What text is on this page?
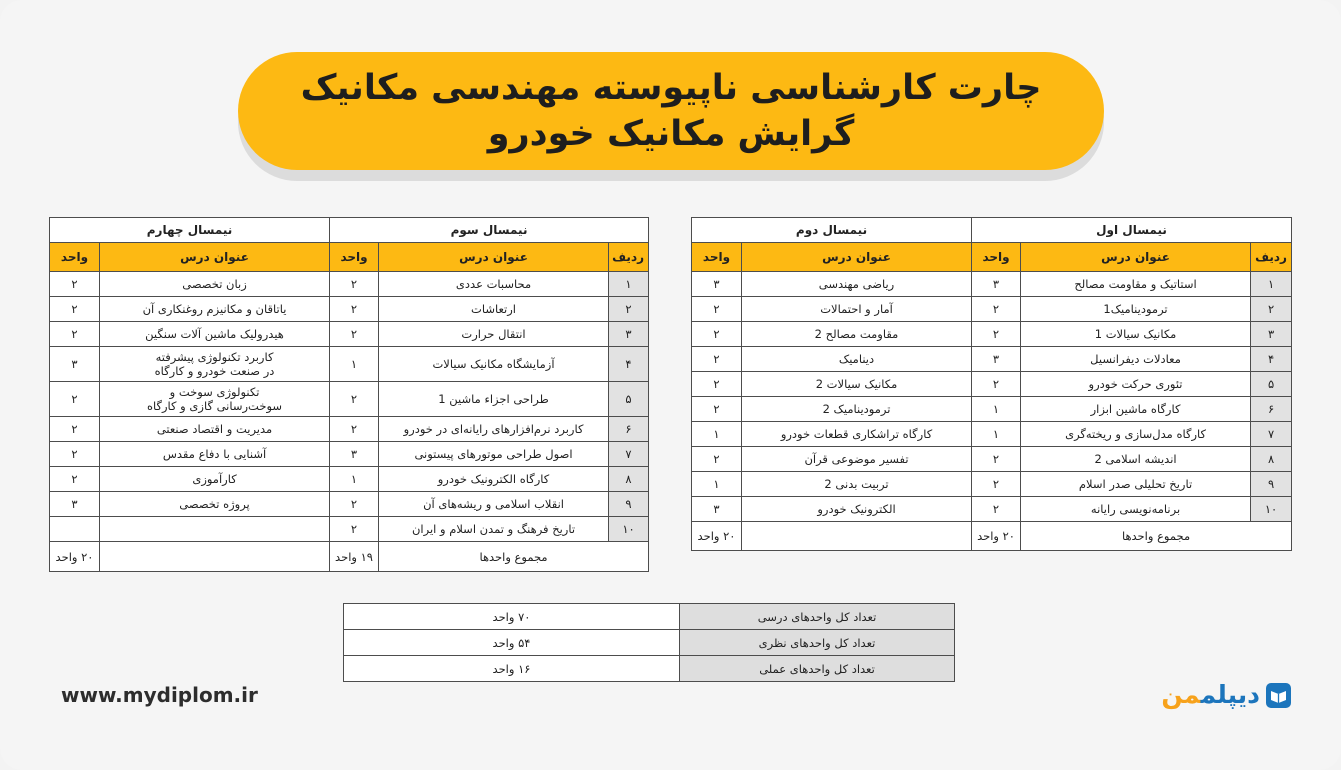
چارت کارشناسی ناپیوسته مهندسی مکانیک
گرایش مکانیک خودرو
نیمسال اول			نیمسال دوم	
ردیف	عنوان درس	واحد	عنوان درس	واحد
۱	استاتیک و مقاومت مصالح	۳	ریاضی مهندسی	۳
۲	ترمودینامیک1	۲	آمار و احتمالات	۲
۳	مکانیک سیالات 1	۲	مقاومت مصالح 2	۲
۴	معادلات دیفرانسیل	۳	دینامیک	۲
۵	تئوری حرکت خودرو	۲	مکانیک سیالات 2	۲
۶	کارگاه ماشین ابزار	۱	ترمودینامیک 2	۲
۷	کارگاه مدل‌سازی و ریخته‌گری	۱	کارگاه تراشکاری قطعات خودرو	۱
۸	اندیشه اسلامی 2	۲	تفسیر موضوعی قرآن	۲
۹	تاریخ تحلیلی صدر اسلام	۲	تربیت بدنی 2	۱
۱۰	برنامه‌نویسی رایانه	۲	الکترونیک خودرو	۳
مجموع واحدها		۲۰ واحد		۲۰ واحد
نیمسال سوم			نیمسال چهارم	
ردیف	عنوان درس	واحد	عنوان درس	واحد
۱	محاسبات عددی	۲	زبان تخصصی	۲
۲	ارتعاشات	۲	یاتاقان و مکانیزم روغنکاری آن	۲
۳	انتقال حرارت	۲	هیدرولیک ماشین آلات سنگین	۲
۴	آزمایشگاه مکانیک سیالات	۱	کاربرد تکنولوژی پیشرفته
در صنعت خودرو و کارگاه	۳
۵	طراحی اجزاء ماشین 1	۲	تکنولوژی سوخت و
سوخت‌رسانی گازی و کارگاه	۲
۶	کاربرد نرم‌افزارهای رایانه‌ای در خودرو	۲	مدیریت و اقتصاد صنعتی	۲
۷	اصول طراحی موتورهای پیستونی	۳	آشنایی با دفاع مقدس	۲
۸	کارگاه الکترونیک خودرو	۱	کارآموزی	۲
۹	انقلاب اسلامی و ریشه‌های آن	۲	پروژه تخصصی	۳
۱۰	تاریخ فرهنگ و تمدن اسلام و ایران	۲		
مجموع واحدها		۱۹ واحد		۲۰ واحد
تعداد کل واحدهای درسی	۷۰ واحد
تعداد کل واحدهای نظری	۵۴ واحد
تعداد کل واحدهای عملی	۱۶ واحد
www.mydiplom.ir	دیپلممن
